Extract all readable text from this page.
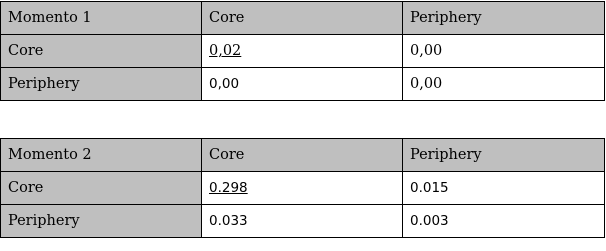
Momento 1	Core	Periphery
Core	0,02	0,00
Periphery	0,00	0,00
Momento 2	Core	Periphery
Core	0.298	0.015
Periphery	0.033	0.003
